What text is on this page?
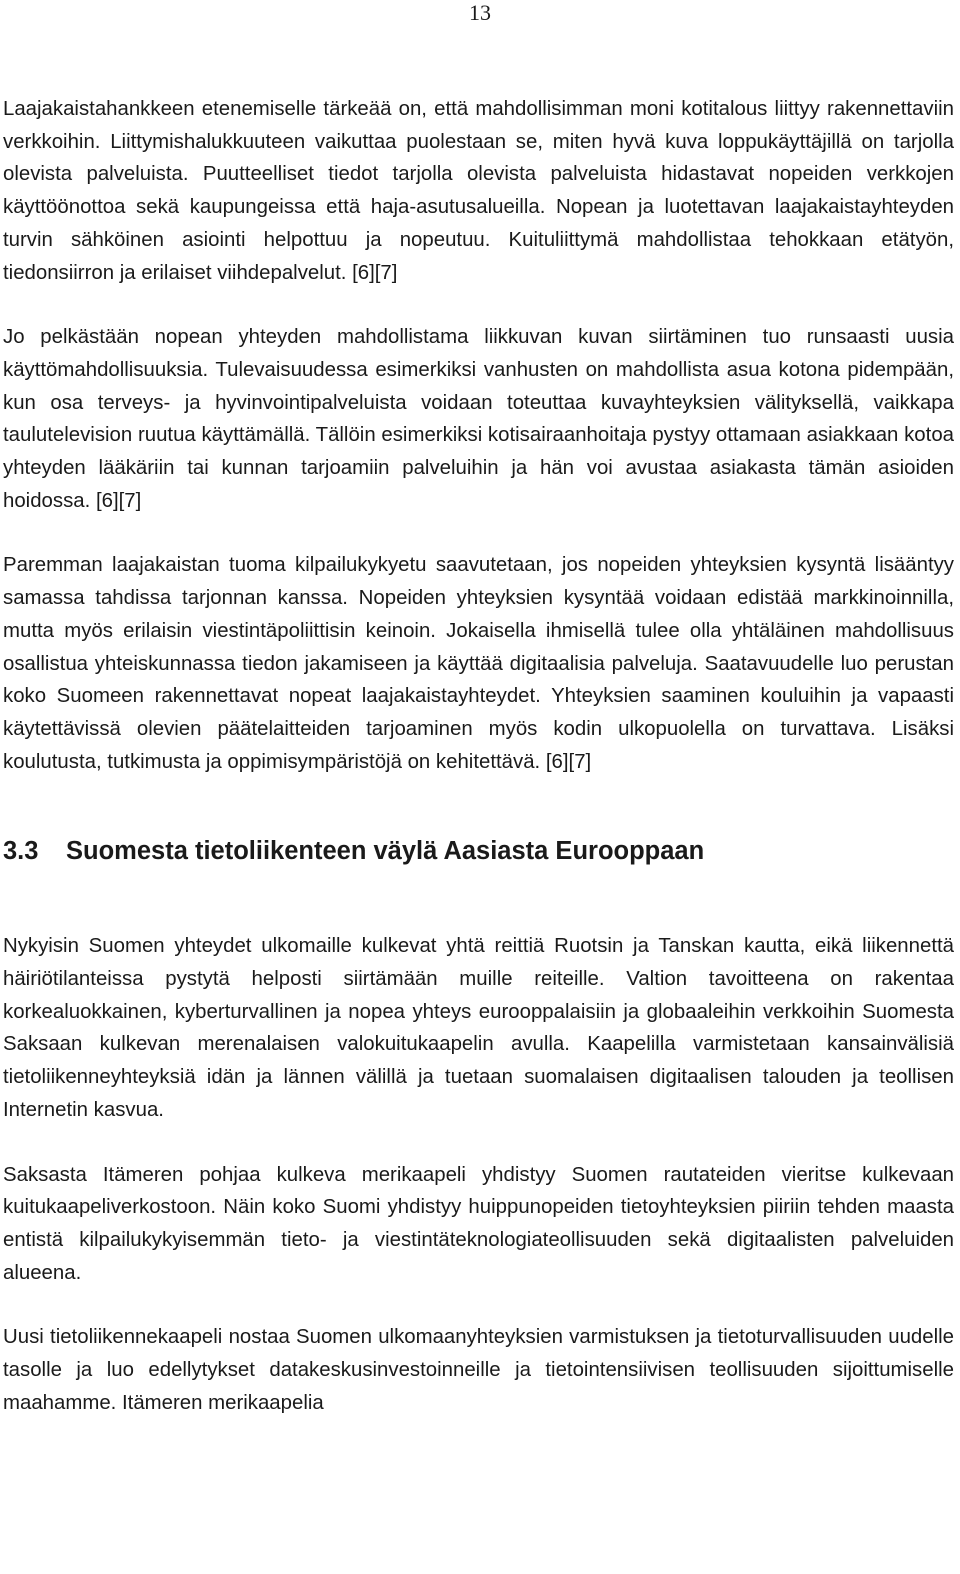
13

Laajakaistahankkeen etenemiselle tärkeää on, että mahdollisimman moni kotitalous liittyy rakennettaviin verkkoihin. Liittymishalukkuuteen vaikuttaa puolestaan se, miten hyvä kuva loppukäyttäjillä on tarjolla olevista palveluista. Puutteelliset tiedot tarjolla olevista palveluista hidastavat nopeiden verkkojen käyttöönottoa sekä kaupungeissa että haja-asutusalueilla. Nopean ja luotettavan laajakaistayhteyden turvin sähköinen asiointi helpottuu ja nopeutuu. Kuituliittymä mahdollistaa tehokkaan etätyön, tiedonsiirron ja erilaiset viihdepalvelut. [6][7]

Jo pelkästään nopean yhteyden mahdollistama liikkuvan kuvan siirtäminen tuo runsaasti uusia käyttömahdollisuuksia. Tulevaisuudessa esimerkiksi vanhusten on mahdollista asua kotona pidempään, kun osa terveys- ja hyvinvointipalveluista voidaan toteuttaa kuvayhteyksien välityksellä, vaikkapa taulutelevision ruutua käyttämällä. Tällöin esimerkiksi kotisairaanhoitaja pystyy ottamaan asiakkaan kotoa yhteyden lääkäriin tai kunnan tarjoamiin palveluihin ja hän voi avustaa asiakasta tämän asioiden hoidossa. [6][7]

Paremman laajakaistan tuoma kilpailukykyetu saavutetaan, jos nopeiden yhteyksien kysyntä lisääntyy samassa tahdissa tarjonnan kanssa. Nopeiden yhteyksien kysyntää voidaan edistää markkinoinnilla, mutta myös erilaisin viestintäpoliittisin keinoin. Jokaisella ihmisellä tulee olla yhtäläinen mahdollisuus osallistua yhteiskunnassa tiedon jakamiseen ja käyttää digitaalisia palveluja. Saatavuudelle luo perustan koko Suomeen rakennettavat nopeat laajakaistayhteydet. Yhteyksien saaminen kouluihin ja vapaasti käytettävissä olevien päätelaitteiden tarjoaminen myös kodin ulkopuolella on turvattava. Lisäksi koulutusta, tutkimusta ja oppimisympäristöjä on kehitettävä. [6][7]

3.3 Suomesta tietoliikenteen väylä Aasiasta Eurooppaan

Nykyisin Suomen yhteydet ulkomaille kulkevat yhtä reittiä Ruotsin ja Tanskan kautta, eikä liikennettä häiriötilanteissa pystytä helposti siirtämään muille reiteille. Valtion tavoitteena on rakentaa korkealuokkainen, kyberturvallinen ja nopea yhteys eurooppalaisiin ja globaaleihin verkkoihin Suomesta Saksaan kulkevan merenalaisen valokuitukaapelin avulla. Kaapelilla varmistetaan kansainvälisiä tietoliikenneyhteyksiä idän ja lännen välillä ja tuetaan suomalaisen digitaalisen talouden ja teollisen Internetin kasvua.

Saksasta Itämeren pohjaa kulkeva merikaapeli yhdistyy Suomen rautateiden vieritse kulkevaan kuitukaapeliverkostoon. Näin koko Suomi yhdistyy huippunopeiden tietoyhteyksien piiriin tehden maasta entistä kilpailukykyisemmän tieto- ja viestintäteknologiateollisuuden sekä digitaalisten palveluiden alueena.

Uusi tietoliikennekaapeli nostaa Suomen ulkomaanyhteyksien varmistuksen ja tietoturvallisuuden uudelle tasolle ja luo edellytykset datakeskusinvestoinneille ja tietointensiivisen teollisuuden sijoittumiselle maahamme. Itämeren merikaapelia
